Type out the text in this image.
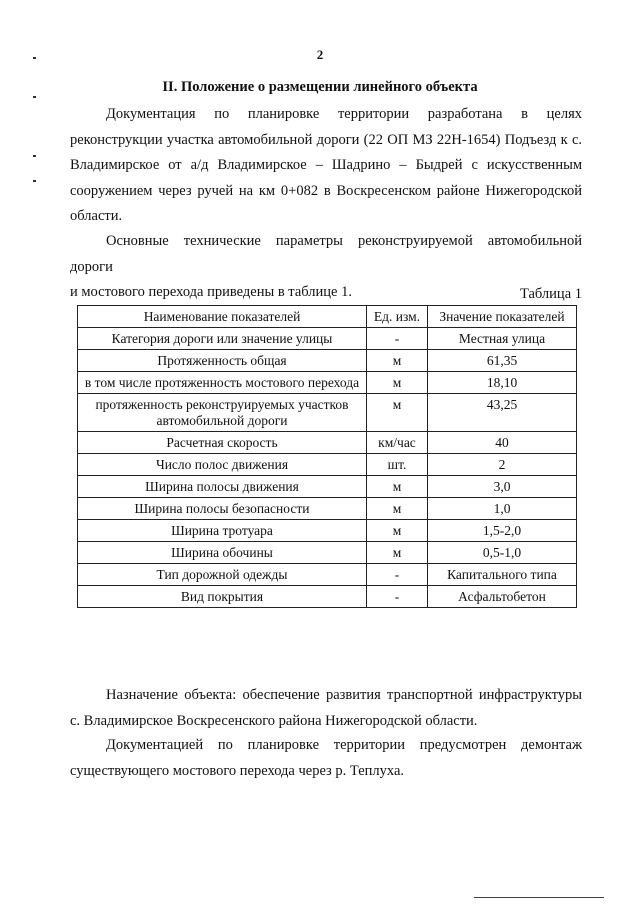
2
II. Положение о размещении линейного объекта
Документация по планировке территории разработана в целях
реконструкции участка автомобильной дороги (22 ОП МЗ 22Н-1654) Подъезд к с.
Владимирское от а/д Владимирское – Шадрино – Быдрей с искусственным
сооружением через ручей на км 0+082 в Воскресенском районе Нижегородской
области.
Основные технические параметры реконструируемой автомобильной дороги
и мостового перехода приведены в таблице 1.	Таблица 1
Наименование показателей	Ед. изм.	Значение показателей
Категория дороги или значение улицы	-	Местная улица
Протяженность общая	м	61,35
в том числе протяженность мостового перехода	м	18,10
протяженность реконструируемых участков автомобильной дороги	м	43,25
Расчетная скорость	км/час	40
Число полос движения	шт.	2
Ширина полосы движения	м	3,0
Ширина полосы безопасности	м	1,0
Ширина тротуара	м	1,5-2,0
Ширина обочины	м	0,5-1,0
Тип дорожной одежды	-	Капитального типа
Вид покрытия	-	Асфальтобетон
Назначение объекта: обеспечение развития транспортной инфраструктуры
с. Владимирское Воскресенского района Нижегородской области.
Документацией по планировке территории предусмотрен демонтаж
существующего мостового перехода через р. Теплуха.
